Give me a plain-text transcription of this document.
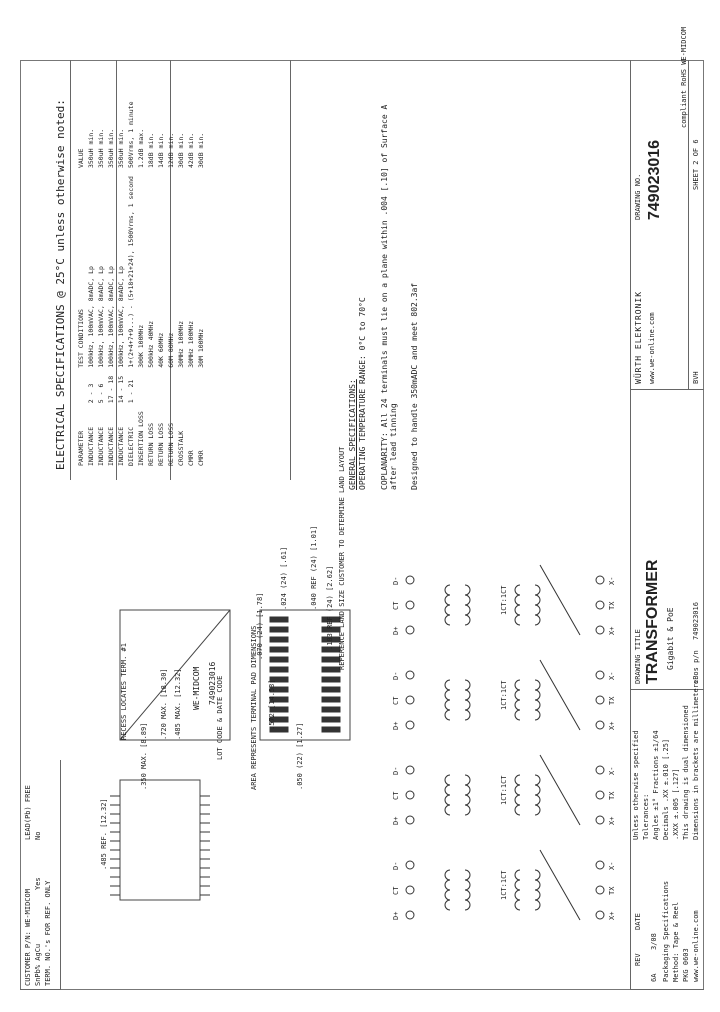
compliant RoHS WE-MIDCOM
ELECTRICAL SPECIFICATIONS @ 25°C unless otherwise noted: PARAMETER		TEST CONDITIONS	VALUE
INDUCTANCE	2 - 3	100kHz, 100mVAC, 8mADC, Lp	350uH min.
INDUCTANCE	5 - 6	100kHz, 100mVAC, 8mADC, Lp	350uH min.
INDUCTANCE	17 - 18	100kHz, 100mVAC, 8mADC, Lp	350uH min.
INDUCTANCE	14 - 15	100kHz, 100mVAC, 8mADC, Lp	350uH min.
DIELECTRIC	1 - 21	1+(2+4+7+9...) - (5+18+21+24), 1500Vrms, 1 second	500Vrms, 1 minute
INSERTION LOSS		300K 100MHz	1.2dB max.
RETURN LOSS		500kHz 40MHz	18dB min.
RETURN LOSS		40K 60MHz	14dB min.
RETURN LOSS		60M 80MHz	12dB min.
CROSSTALK		30MHz 100MHz	30dB min.
CMRR		30MHz 100MHz	42dB min.
CMRR		30M 100MHz	30dB min.
GENERAL SPECIFICATIONS: OPERATING TEMPERATURE RANGE: 0°C to 70°C COPLANARITY: All 24 terminals must lie on a plane within .004 [.10] of Surface A after lead tinning Designed to handle 350mADC and meet 802.3af
REV
DATE
6A
3/08 Packaging Specifications Method: Tape & Reel PKG 0603 www.we-online.com
Unless otherwise specified Tolerances: Angles ±1° Fractions ±1/64 Decimals .XX ±.010 [.25] .XXX ±.005 [.127] This drawing is dual dimensioned Dimensions in brackets are millimeters
DRAWING TITLE TRANSFORMER Gigabit & PoE eBos p/n
749023016
WÜRTH ELEKTRONIK www.we-online.com
DRAWING NO. 749023016
BVH
SHEET 2 OF 6
CUSTOMER P/N: WE-MIDCOM SnPb% AgCu
Yes TERM. NO.'s FOR REF. ONLY
LEAD(Pb) FREE No
WE-MIDCOM 749023016
RECESS LOCATES TERM. #1
.485 REF. [12.32]
.350 MAX. [8.89]
.720 MAX. [18.30] .485 MAX. [12.32]	LOT CODE & DATE CODE	AREA REPRESENTS TERMINAL PAD DIMENSIONS
REFERENCE LAND SIZE CUSTOMER TO DETERMINE LAND LAYOUT
.572 [14.53]
.050 (22) [1.27]
.070 (24) [1.78]
.024 (24) [.61]	.040 REF (24) [1.01] .103 REF (24) [2.62]
D+	X+
CT	TX
D-	X-
1CT:1CT
D+	X+
CT	TX
D-	X-
1CT:1CT
D+	X+
CT	TX
D-	X-
1CT:1CT
D+	X+
CT	TX
D-	X-
1CT:1CT
